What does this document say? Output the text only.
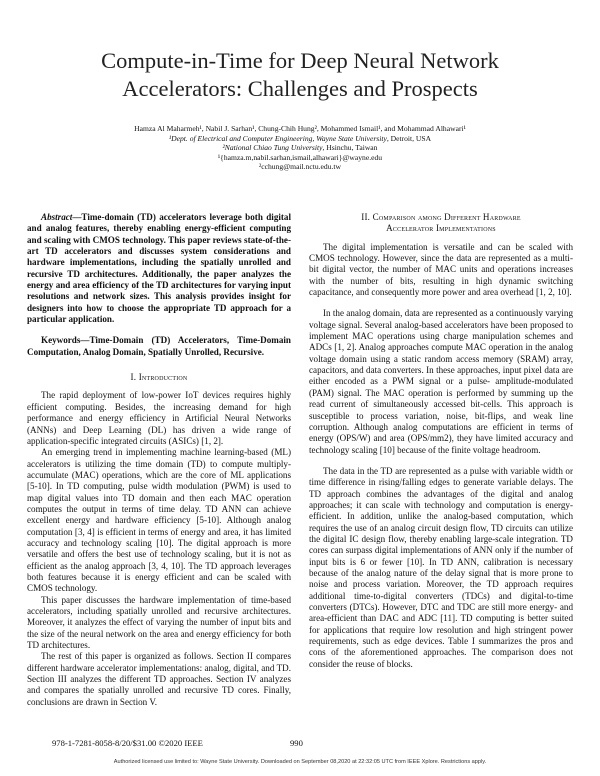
Compute-in-Time for Deep Neural Network
Accelerators: Challenges and Prospects
Hamza Al Maharmeh¹, Nabil J. Sarhan¹, Chung-Chih Hung², Mohammed Ismail¹, and Mohammad Alhawari¹
¹Dept. of Electrical and Computer Engineering, Wayne State University, Detroit, USA
²National Chiao Tung University, Hsinchu, Taiwan
¹{hamza.m,nabil.sarhan,ismail,alhawari}@wayne.edu
²cchung@mail.nctu.edu.tw

Abstract—Time-domain (TD) accelerators leverage both digital and analog features, thereby enabling energy-efficient computing and scaling with CMOS technology. This paper reviews state-of-the-art TD accelerators and discusses system considerations and hardware implementations, including the spatially unrolled and recursive TD architectures. Additionally, the paper analyzes the energy and area efficiency of the TD architectures for varying input resolutions and network sizes. This analysis provides insight for designers into how to choose the appropriate TD approach for a particular application.

Keywords—Time-Domain (TD) Accelerators, Time-Domain Computation, Analog Domain, Spatially Unrolled, Recursive.

I. Introduction

The rapid deployment of low-power IoT devices requires highly efficient computing. Besides, the increasing demand for high performance and energy efficiency in Artificial Neural Networks (ANNs) and Deep Learning (DL) has driven a wide range of application-specific integrated circuits (ASICs) [1, 2].

An emerging trend in implementing machine learning-based (ML) accelerators is utilizing the time domain (TD) to compute multiply-accumulate (MAC) operations, which are the core of ML applications [5-10]. In TD computing, pulse width modulation (PWM) is used to map digital values into TD domain and then each MAC operation computes the output in terms of time delay. TD ANN can achieve excellent energy and hardware efficiency [5-10]. Although analog computation [3, 4] is efficient in terms of energy and area, it has limited accuracy and technology scaling [10]. The digital approach is more versatile and offers the best use of technology scaling, but it is not as efficient as the analog approach [3, 4, 10]. The TD approach leverages both features because it is energy efficient and can be scaled with CMOS technology.

This paper discusses the hardware implementation of time-based accelerators, including spatially unrolled and recursive architectures. Moreover, it analyzes the effect of varying the number of input bits and the size of the neural network on the area and energy efficiency for both TD architectures.

The rest of this paper is organized as follows. Section II compares different hardware accelerator implementations: analog, digital, and TD. Section III analyzes the different TD approaches. Section IV analyzes and compares the spatially unrolled and recursive TD cores. Finally, conclusions are drawn in Section V.

II. Comparison among Different Hardware
Accelerator Implementations

The digital implementation is versatile and can be scaled with CMOS technology. However, since the data are represented as a multi-bit digital vector, the number of MAC units and operations increases with the number of bits, resulting in high dynamic switching capacitance, and consequently more power and area overhead [1, 2, 10].

In the analog domain, data are represented as a continuously varying voltage signal. Several analog-based accelerators have been proposed to implement MAC operations using charge manipulation schemes and ADCs [1, 2]. Analog approaches compute MAC operation in the analog voltage domain using a static random access memory (SRAM) array, capacitors, and data converters. In these approaches, input pixel data are either encoded as a PWM signal or a pulse- amplitude-modulated (PAM) signal. The MAC operation is performed by summing up the read current of simultaneously accessed bit-cells. This approach is susceptible to process variation, noise, bit-flips, and weak line corruption. Although analog computations are efficient in terms of energy (OPS/W) and area (OPS/mm2), they have limited accuracy and technology scaling [10] because of the finite voltage headroom.

The data in the TD are represented as a pulse with variable width or time difference in rising/falling edges to generate variable delays. The TD approach combines the advantages of the digital and analog approaches; it can scale with technology and computation is energy-efficient. In addition, unlike the analog-based computation, which requires the use of an analog circuit design flow, TD circuits can utilize the digital IC design flow, thereby enabling large-scale integration. TD cores can surpass digital implementations of ANN only if the number of input bits is 6 or fewer [10]. In TD ANN, calibration is necessary because of the analog nature of the delay signal that is more prone to noise and process variation. Moreover, the TD approach requires additional time-to-digital converters (TDCs) and digital-to-time converters (DTCs). However, DTC and TDC are still more energy- and area-efficient than DAC and ADC [11]. TD computing is better suited for applications that require low resolution and high stringent power requirements, such as edge devices. Table I summarizes the pros and cons of the aforementioned approaches. The comparison does not consider the reuse of blocks.

978-1-7281-8058-8/20/$31.00 ©2020 IEEE	990
Authorized licensed use limited to: Wayne State University. Downloaded on September 08,2020 at 22:32:05 UTC from IEEE Xplore. Restrictions apply.
